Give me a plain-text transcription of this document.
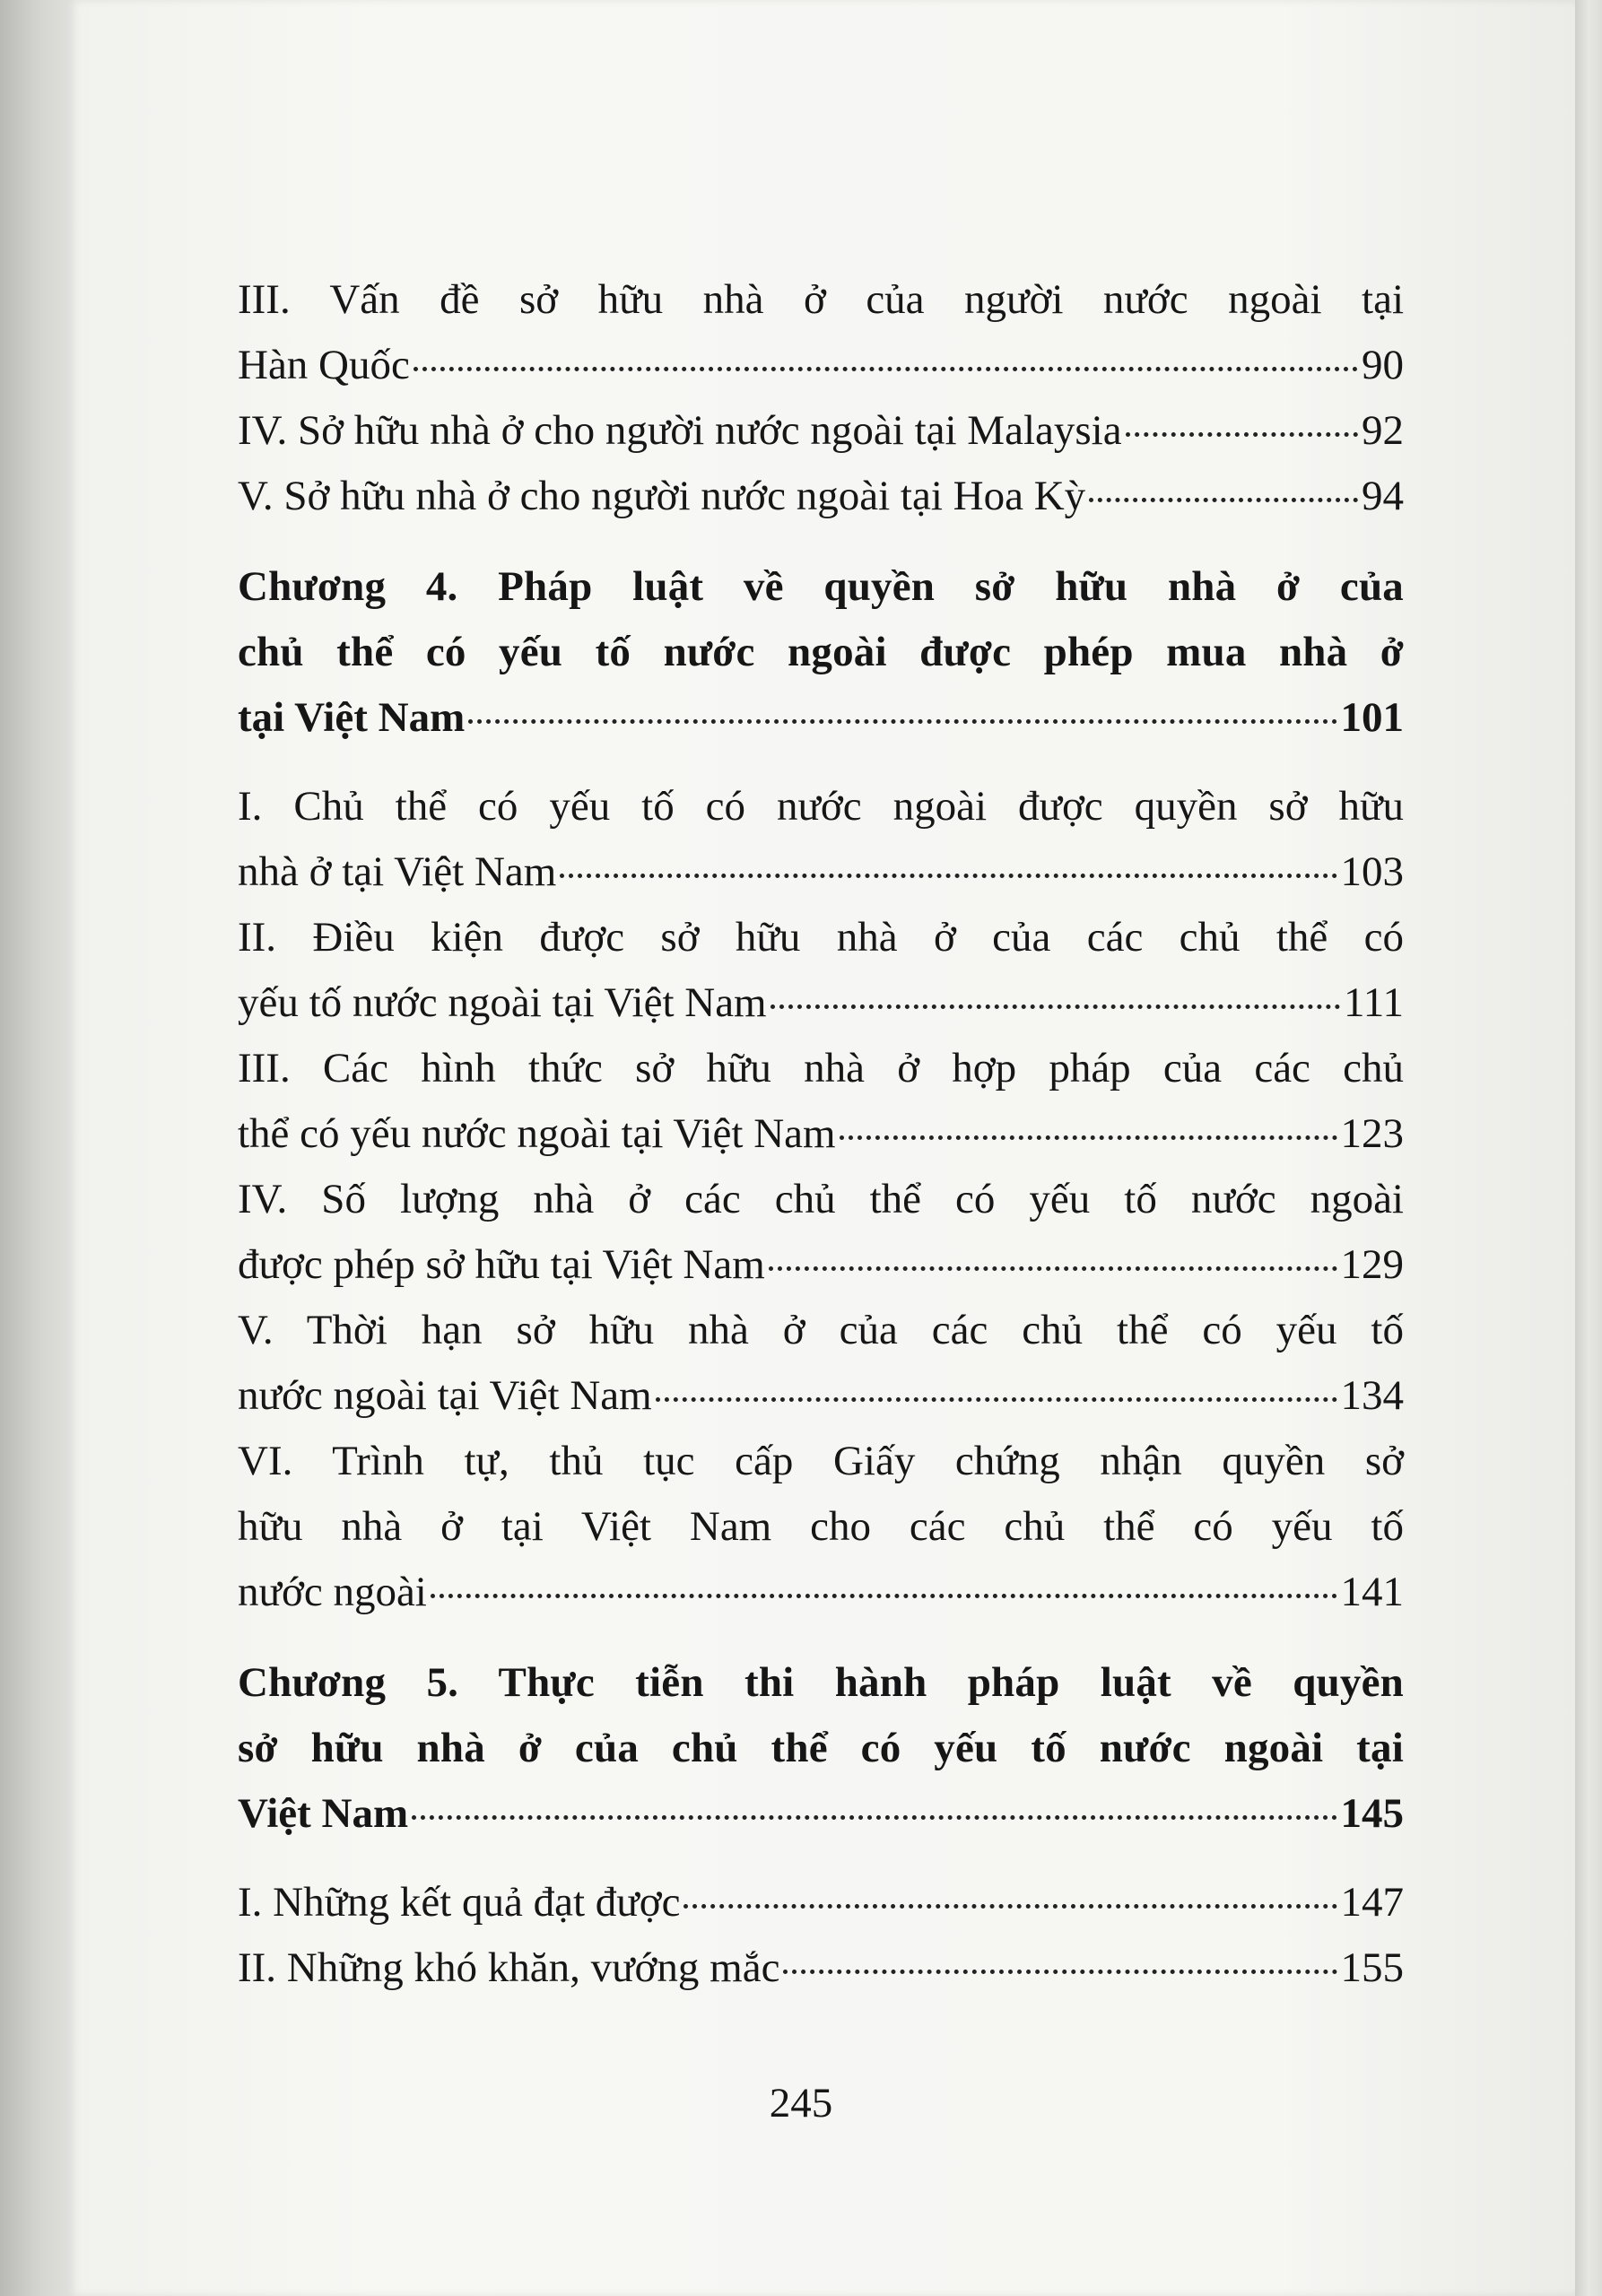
III. Vấn đề sở hữu nhà ở của người nước ngoài tại
Hàn Quốc	90
IV. Sở hữu nhà ở cho người nước ngoài tại Malaysia	92
V. Sở hữu nhà ở cho người nước ngoài tại Hoa Kỳ	94
Chương 4. Pháp luật về quyền sở hữu nhà ở của
chủ thể có yếu tố nước ngoài được phép mua nhà ở
tại Việt Nam	101
I. Chủ thể có yếu tố có nước ngoài được quyền sở hữu
nhà ở tại Việt Nam	103
II. Điều kiện được sở hữu nhà ở của các chủ thể có
yếu tố nước ngoài tại Việt Nam	111
III. Các hình thức sở hữu nhà ở hợp pháp của các chủ
thể có yếu nước ngoài tại Việt Nam	123
IV. Số lượng nhà ở các chủ thể có yếu tố nước ngoài
được phép sở hữu tại Việt Nam	129
V. Thời hạn sở hữu nhà ở của các chủ thể có yếu tố
nước ngoài tại Việt Nam	134
VI. Trình tự, thủ tục cấp Giấy chứng nhận quyền sở
hữu nhà ở tại Việt Nam cho các chủ thể có yếu tố
nước ngoài	141
Chương 5. Thực tiễn thi hành pháp luật về quyền
sở hữu nhà ở của chủ thể có yếu tố nước ngoài tại
Việt Nam	145
I. Những kết quả đạt được	147
II. Những khó khăn, vướng mắc	155
245
